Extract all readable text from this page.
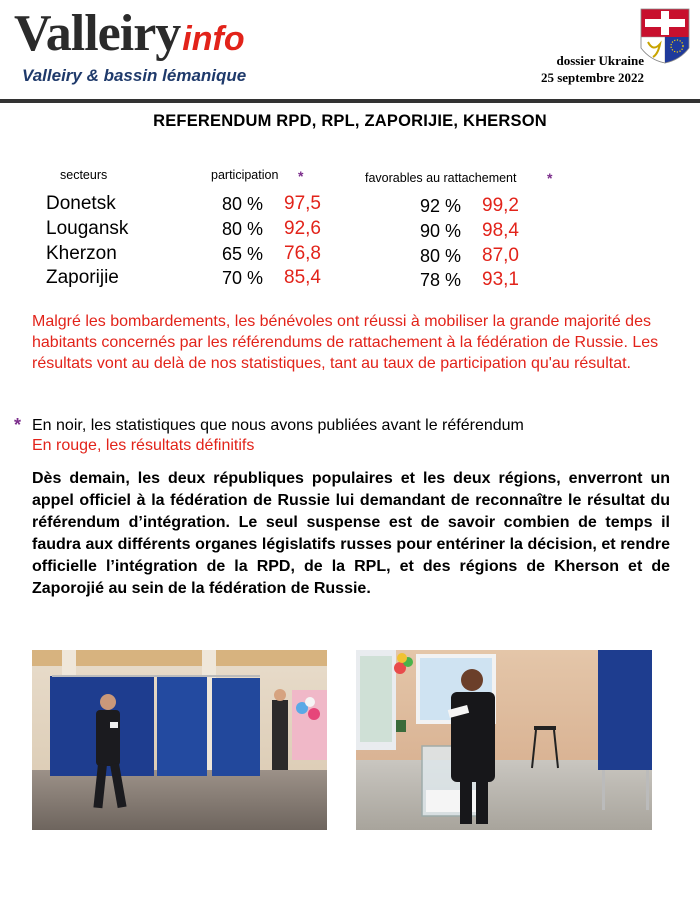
Valleiryinfo
Valleiry & bassin lémanique
dossier Ukraine
25 septembre 2022
REFERENDUM RPD, RPL, ZAPORIJIE, KHERSON
secteurs	participation *	favorables au rattachement *
Donetsk	80 % 97,5	92 % 99,2
Lougansk	80 % 92,6	90 % 98,4
Kherzon	65 % 76,8	80 % 87,0
Zaporijie	70 % 85,4	78 % 93,1
Malgré les bombardements, les bénévoles ont réussi à mobiliser la grande majorité des habitants concernés par les référendums de rattachement à la fédération de Russie. Les résultats vont au delà de nos statistiques, tant au taux de participation qu'au résultat.
* En noir, les statistiques que nous avons publiées avant le référendum
En rouge, les résultats définitifs
Dès demain, les deux républiques populaires et les deux régions, enverront un appel officiel à la fédération de Russie lui demandant de reconnaître le résultat du référendum d’intégration. Le seul suspense est de savoir combien de temps il faudra aux différents organes législatifs russes pour entériner la décision, et rendre officielle l’intégration de la RPD, de la RPL, et des régions de Kherson et de Zaporojié au sein de la fédération de Russie.
